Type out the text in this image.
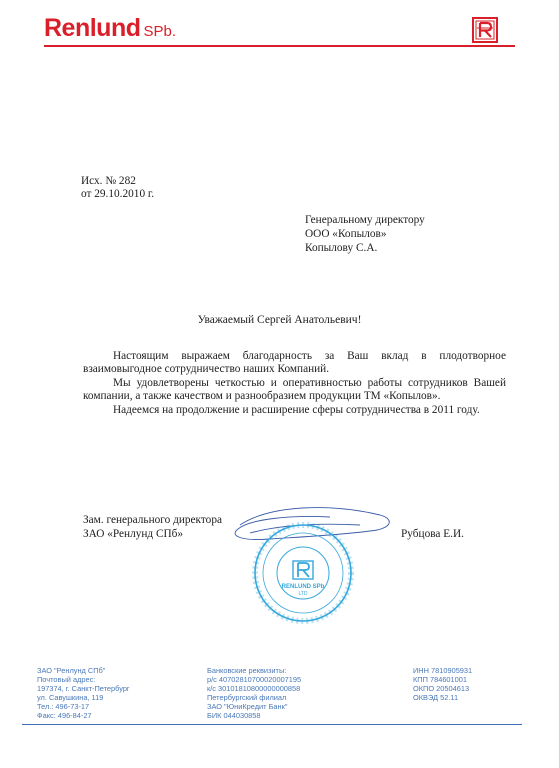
Renlund SPb.
Исх. № 282
от 29.10.2010 г.
Генеральному директору
ООО «Копылов»
Копылову С.А.
Уважаемый Сергей Анатольевич!

Настоящим выражаем благодарность за Ваш вклад в плодотворное взаимовыгодное сотрудничество наших Компаний.

Мы удовлетворены четкостью и оперативностью работы сотрудников Вашей компании, а также качеством и разнообразием продукции ТМ «Копылов».

Надеемся на продолжение и расширение сферы сотрудничества в 2011 году.

Зам. генерального директора
ЗАО «Ренлунд СПб»	Рубцова Е.И.
RENLUND SPb
LTD
ЗАО "Ренлунд СПб"
Почтовый адрес:
197374, г. Санкт-Петербург
ул. Савушкина, 119
Тел.: 496-73-17
Факс: 496-84-27
Банковские реквизиты:
р/с 40702810700020007195
к/с 30101810800000000858
Петербургский филиал
ЗАО "ЮниКредит Банк"
БИК 044030858
ИНН 7810905931
КПП 784601001
ОКПО 20504613
ОКВЭД 52.11
